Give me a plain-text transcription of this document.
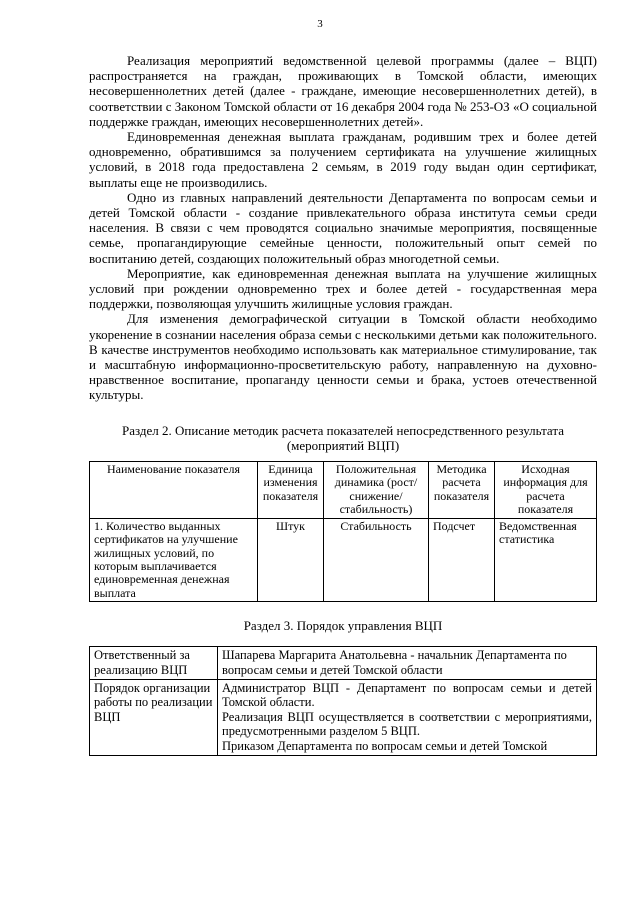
3

Реализация мероприятий ведомственной целевой программы (далее – ВЦП) распространяется на граждан, проживающих в Томской области, имеющих несовершеннолетних детей (далее - граждане, имеющие несовершеннолетних детей), в соответствии с Законом Томской области от 16 декабря 2004 года № 253-ОЗ «О социальной поддержке граждан, имеющих несовершеннолетних детей».

Единовременная денежная выплата гражданам, родившим трех и более детей одновременно, обратившимся за получением сертификата на улучшение жилищных условий, в 2018 года предоставлена 2 семьям, в 2019 году выдан один сертификат, выплаты еще не производились.

Одно из главных направлений деятельности Департамента по вопросам семьи и детей Томской области - создание привлекательного образа института семьи среди населения. В связи с чем проводятся социально значимые мероприятия, посвященные семье, пропагандирующие семейные ценности, положительный опыт семей по воспитанию детей, создающих положительный образ многодетной семьи.

Мероприятие, как единовременная денежная выплата на улучшение жилищных условий при рождении одновременно трех и более детей - государственная мера поддержки, позволяющая улучшить жилищные условия граждан.

Для изменения демографической ситуации в Томской области необходимо укоренение в сознании населения образа семьи с несколькими детьми как положительного. В качестве инструментов необходимо использовать как материальное стимулирование, так и масштабную информационно-просветительскую работу, направленную на духовно-нравственное воспитание, пропаганду ценности семьи и брака, устоев отечественной культуры.

Раздел 2. Описание методик расчета показателей непосредственного результата

(мероприятий ВЦП)

Наименование показателя	Единица изменения показателя	Положительная динамика (рост/снижение/ стабильность)	Методика расчета показателя	Исходная информация для расчета показателя
1. Количество выданных сертификатов на улучшение жилищных условий, по которым выплачивается единовременная денежная выплата	Штук	Стабильность	Подсчет	Ведомственная статистика

Раздел 3. Порядок управления ВЦП

Ответственный за реализацию ВЦП	Шапарева Маргарита Анатольевна - начальник Департамента по вопросам семьи и детей Томской области
Порядок организации работы по реализации ВЦП	Администратор ВЦП - Департамент по вопросам семьи и детей Томской области.
Реализация ВЦП осуществляется в соответствии с мероприятиями, предусмотренными разделом 5 ВЦП.
Приказом Департамента по вопросам семьи и детей Томской
